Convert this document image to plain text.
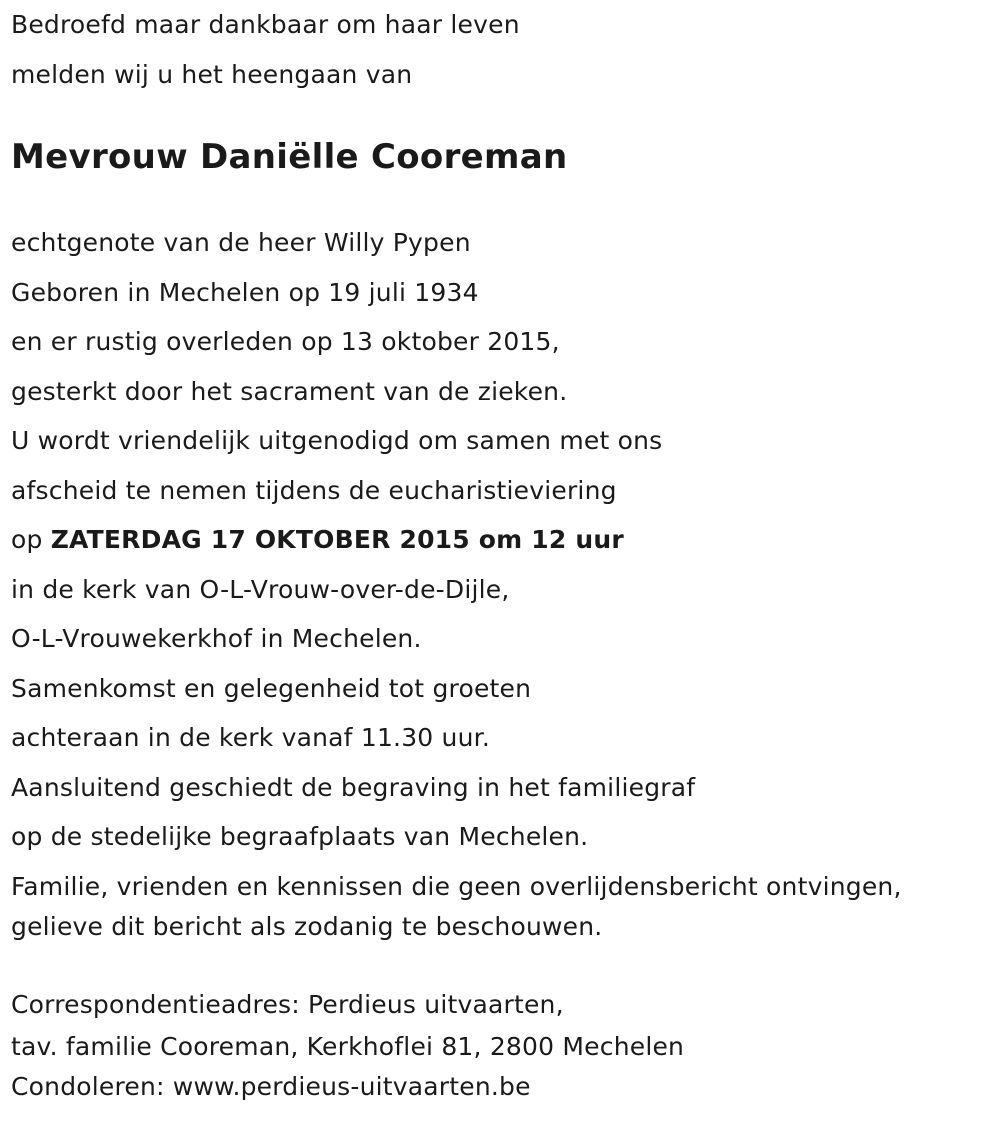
Bedroefd maar dankbaar om haar leven
melden wij u het heengaan van
Mevrouw Daniëlle Cooreman
echtgenote van de heer Willy Pypen
Geboren in Mechelen op 19 juli 1934
en er rustig overleden op 13 oktober 2015,
gesterkt door het sacrament van de zieken.
U wordt vriendelijk uitgenodigd om samen met ons
afscheid te nemen tijdens de eucharistieviering
op ZATERDAG 17 OKTOBER 2015 om 12 uur
in de kerk van O-L-Vrouw-over-de-Dijle,
O-L-Vrouwekerkhof in Mechelen.
Samenkomst en gelegenheid tot groeten
achteraan in de kerk vanaf 11.30 uur.
Aansluitend geschiedt de begraving in het familiegraf
op de stedelijke begraafplaats van Mechelen.
Familie, vrienden en kennissen die geen overlijdensbericht ontvingen,
gelieve dit bericht als zodanig te beschouwen.
Correspondentieadres: Perdieus uitvaarten,
tav. familie Cooreman, Kerkhoflei 81, 2800 Mechelen
Condoleren: www.perdieus-uitvaarten.be
